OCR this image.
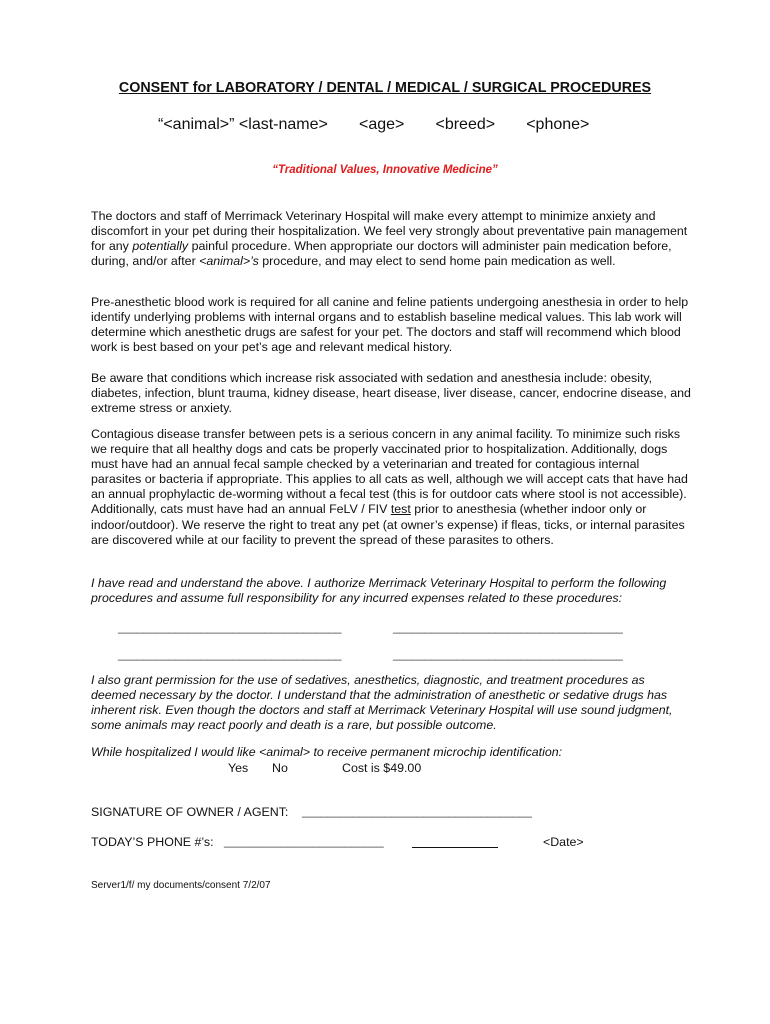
CONSENT for LABORATORY / DENTAL / MEDICAL / SURGICAL PROCEDURES
“<animal>” <last-name>       <age>       <breed>       <phone>
“Traditional Values, Innovative Medicine”

The doctors and staff of Merrimack Veterinary Hospital will make every attempt to minimize anxiety and discomfort in your pet during their hospitalization. We feel very strongly about preventative pain management for any potentially painful procedure. When appropriate our doctors will administer pain medication before, during, and/or after <animal>’s procedure, and may elect to send home pain medication as well.

Pre-anesthetic blood work is required for all canine and feline patients undergoing anesthesia in order to help identify underlying problems with internal organs and to establish baseline medical values. This lab work will determine which anesthetic drugs are safest for your pet. The doctors and staff will recommend which blood work is best based on your pet’s age and relevant medical history.

Be aware that conditions which increase risk associated with sedation and anesthesia include: obesity, diabetes, infection, blunt trauma, kidney disease, heart disease, liver disease, cancer, endocrine disease, and extreme stress or anxiety.

Contagious disease transfer between pets is a serious concern in any animal facility. To minimize such risks we require that all healthy dogs and cats be properly vaccinated prior to hospitalization. Additionally, dogs must have had an annual fecal sample checked by a veterinarian and treated for contagious internal parasites or bacteria if appropriate. This applies to all cats as well, although we will accept cats that have had an annual prophylactic de-worming without a fecal test (this is for outdoor cats where stool is not accessible). Additionally, cats must have had an annual FeLV / FIV test prior to anesthesia (whether indoor only or indoor/outdoor). We reserve the right to treat any pet (at owner’s expense) if fleas, ticks, or internal parasites are discovered while at our facility to prevent the spread of these parasites to others.

I have read and understand the above. I authorize Merrimack Veterinary Hospital to perform the following procedures and assume full responsibility for any incurred expenses related to these procedures:

___________________________________	____________________________________
___________________________________	____________________________________

I also grant permission for the use of sedatives, anesthetics, diagnostic, and treatment procedures as deemed necessary by the doctor. I understand that the administration of anesthetic or sedative drugs has inherent risk. Even though the doctors and staff at Merrimack Veterinary Hospital will use sound judgment, some animals may react poorly and death is a rare, but possible outcome.

While hospitalized I would like <animal> to receive permanent microchip identification:

Yes No	Cost is $49.00
SIGNATURE OF OWNER / AGENT: ____________________________________
TODAY’S PHONE #’s: _________________________	<Date>
Server1/f/ my documents/consent 7/2/07
